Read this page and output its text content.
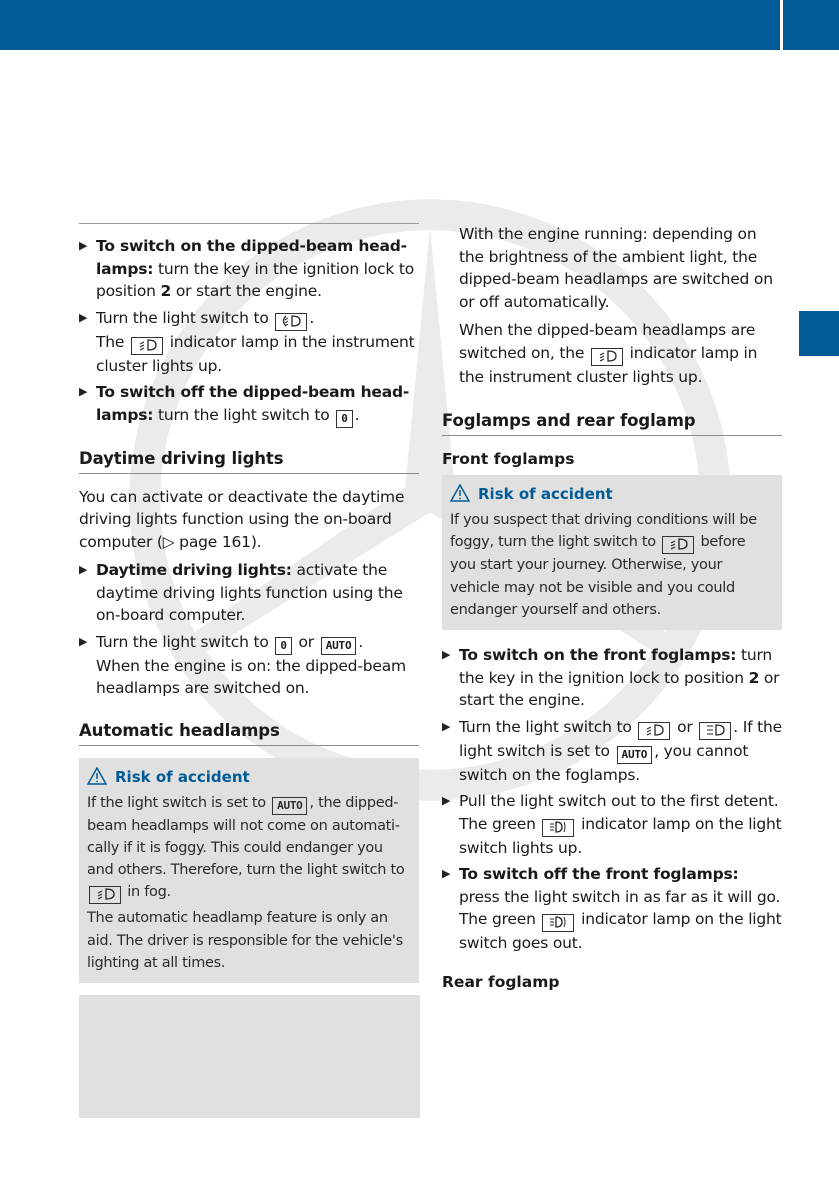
▶ To switch on the dipped-beam headlamps: turn the key in the ignition lock to position 2 or start the engine.
▶ Turn the light switch to .
The  indicator lamp in the instrument cluster lights up.
▶ To switch off the dipped-beam headlamps: turn the light switch to 0 .
Daytime driving lights

You can activate or deactivate the daytime driving lights function using the on-board computer (▷ page 161).

▶ Daytime driving lights: activate the daytime driving lights function using the on-board computer.
▶ Turn the light switch to 0 or AUTO .
When the engine is on: the dipped-beam headlamps are switched on.
Automatic headlamps
Risk of accident

If the light switch is set to AUTO , the dipped-beam headlamps will not come on automatically if it is foggy. This could endanger you and others. Therefore, turn the light switch to  in fog.

The automatic headlamp feature is only an aid. The driver is responsible for the vehicle's lighting at all times.

With the engine running: depending on the brightness of the ambient light, the dipped-beam headlamps are switched on or off automatically.

When the dipped-beam headlamps are switched on, the  indicator lamp in the instrument cluster lights up.

Foglamps and rear foglamp
Front foglamps
Risk of accident

If you suspect that driving conditions will be foggy, turn the light switch to  before you start your journey. Otherwise, your vehicle may not be visible and you could endanger yourself and others.

▶ To switch on the front foglamps: turn the key in the ignition lock to position 2 or start the engine.
▶ Turn the light switch to  or . If the light switch is set to AUTO , you cannot switch on the foglamps.
▶ Pull the light switch out to the first detent.
The green  indicator lamp on the light switch lights up.
▶ To switch off the front foglamps: press the light switch in as far as it will go.
The green  indicator lamp on the light switch goes out.
Rear foglamp
